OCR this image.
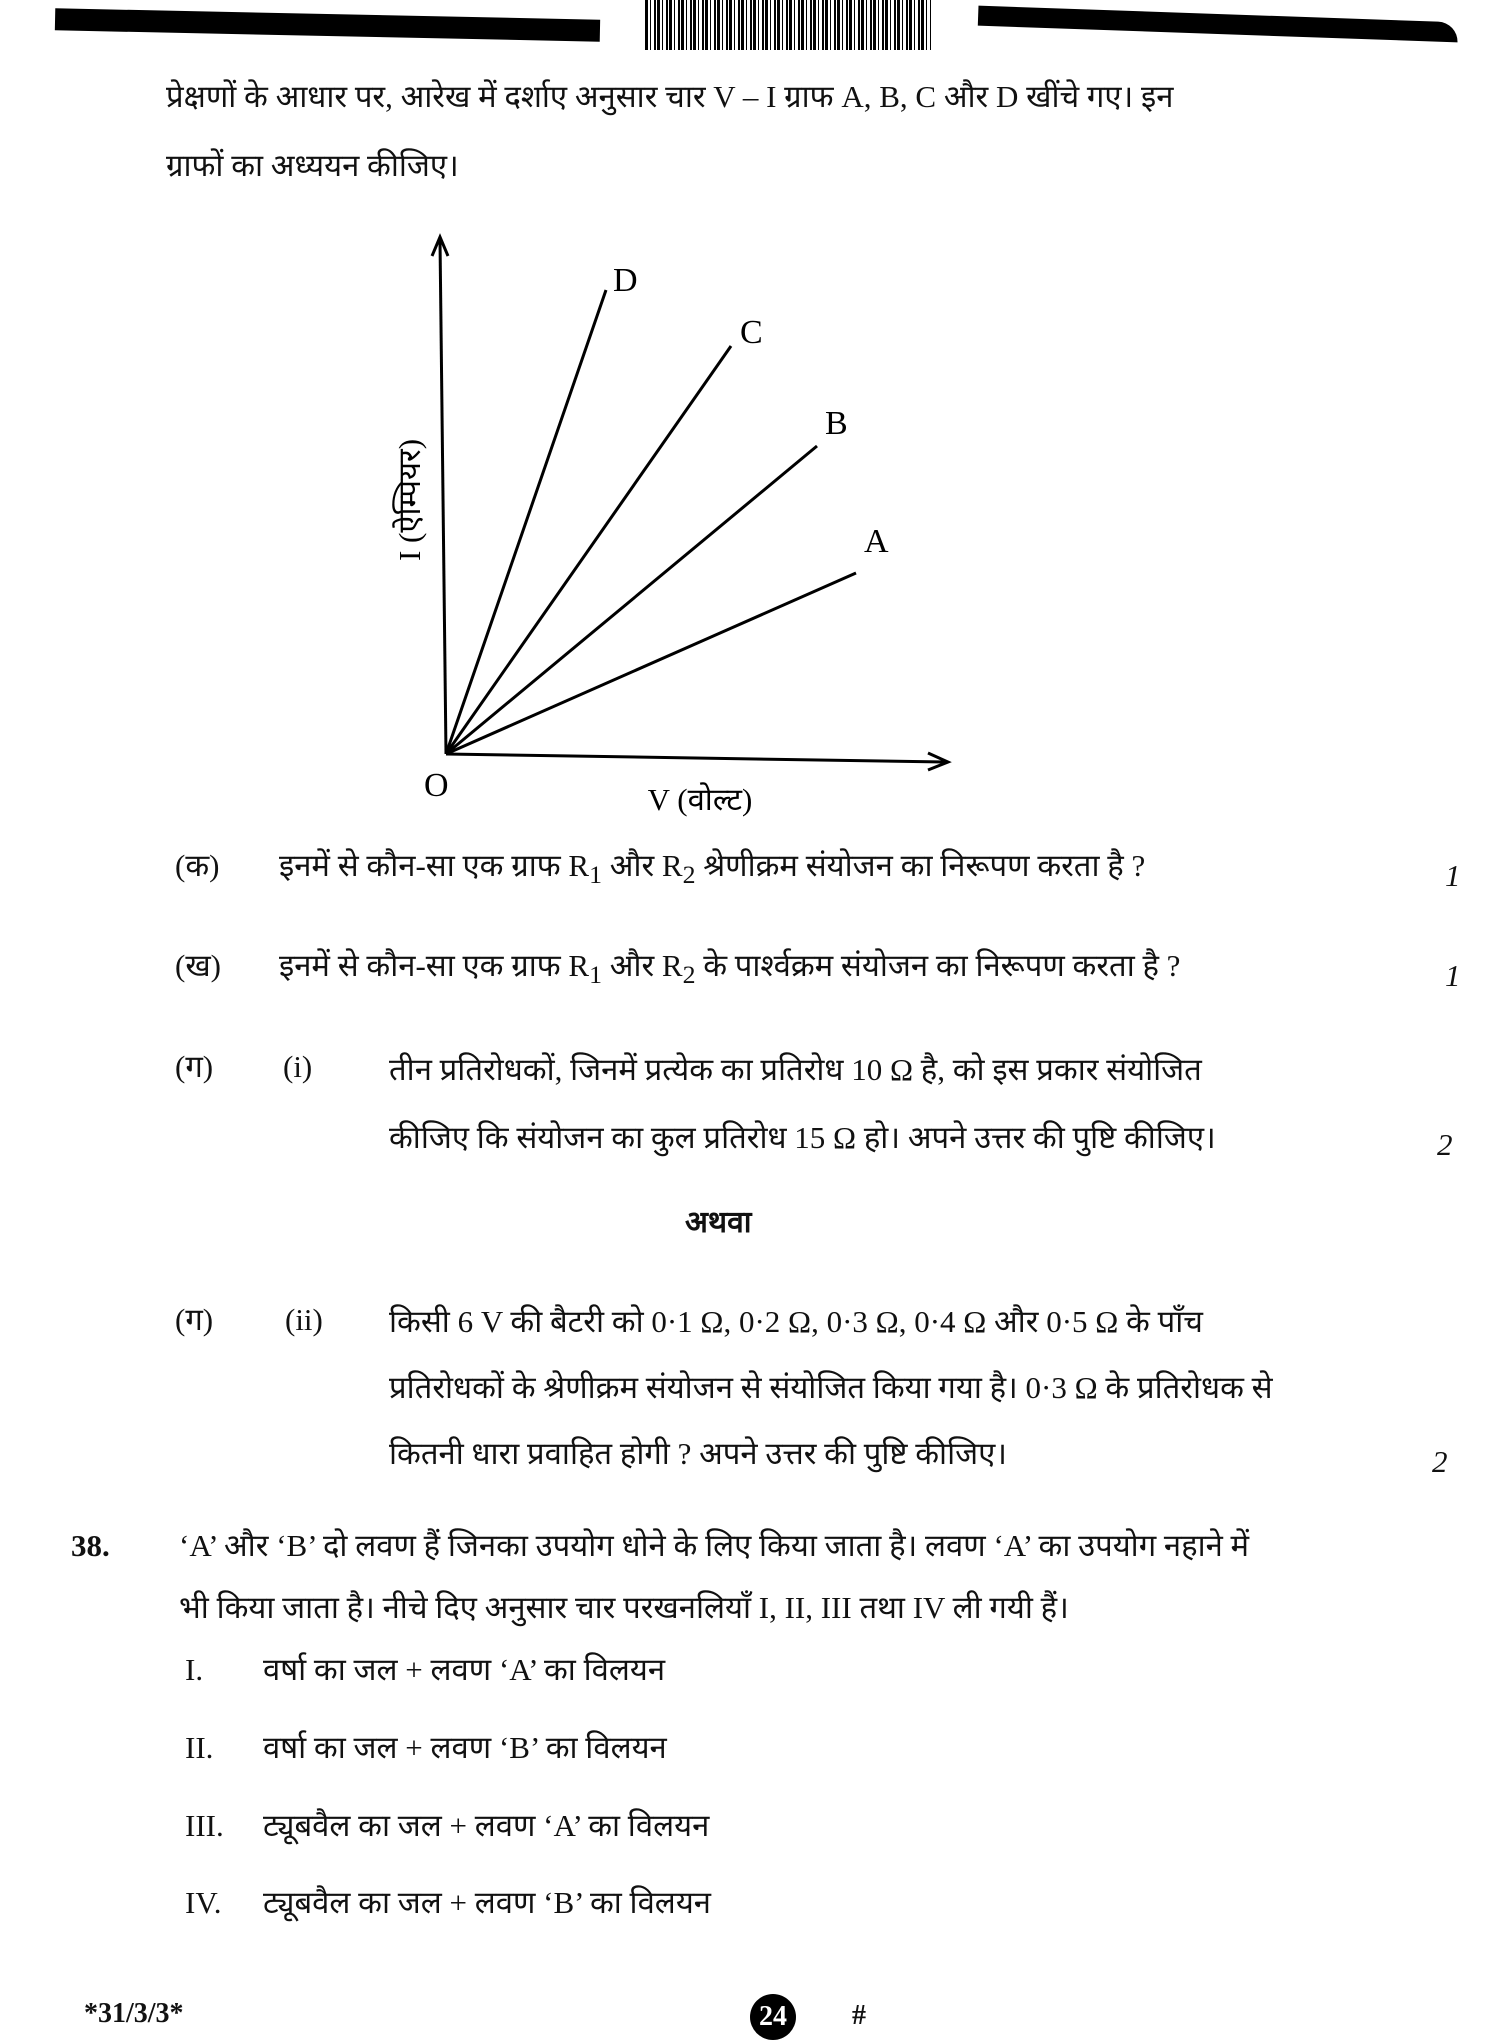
प्रेक्षणों के आधार पर, आरेख में दर्शाए अनुसार चार V – I ग्राफ A, B, C और D खींचे गए। इन
ग्राफों का अध्ययन कीजिए।
D
C
B
A
O	V (वोल्ट)
I (ऐम्पियर)
(क) इनमें से कौन-सा एक ग्राफ $R_1$ और $R_2$ श्रेणीक्रम संयोजन का निरूपण करता है ?	1
(ख) इनमें से कौन-सा एक ग्राफ $R_1$ और $R_2$ के पार्श्वक्रम संयोजन का निरूपण करता है ?	1
(ग) (i) तीन प्रतिरोधकों, जिनमें प्रत्येक का प्रतिरोध 10 Ω है, को इस प्रकार संयोजित
कीजिए कि संयोजन का कुल प्रतिरोध 15 Ω हो। अपने उत्तर की पुष्टि कीजिए।	2
अथवा
(ग) (ii) किसी 6 V की बैटरी को 0·1 Ω, 0·2 Ω, 0·3 Ω, 0·4 Ω और 0·5 Ω के पाँच
प्रतिरोधकों के श्रेणीक्रम संयोजन से संयोजित किया गया है। 0·3 Ω के प्रतिरोधक से
कितनी धारा प्रवाहित होगी ? अपने उत्तर की पुष्टि कीजिए।	2
38. ‘A’ और ‘B’ दो लवण हैं जिनका उपयोग धोने के लिए किया जाता है। लवण ‘A’ का उपयोग नहाने में
भी किया जाता है। नीचे दिए अनुसार चार परखनलियाँ I, II, III तथा IV ली गयी हैं।
I. वर्षा का जल + लवण ‘A’ का विलयन
II. वर्षा का जल + लवण ‘B’ का विलयन
III. ट्यूबवैल का जल + लवण ‘A’ का विलयन
IV. ट्यूबवैल का जल + लवण ‘B’ का विलयन
*31/3/3*	24	#
